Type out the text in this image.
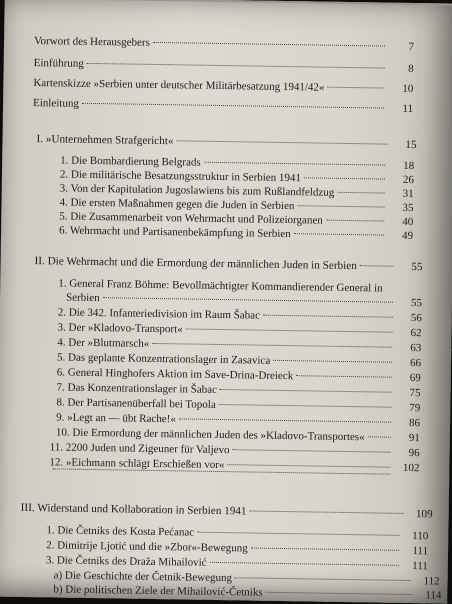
Vorwort des Herausgebers	7
Einführung	8
Kartenskizze »Serbien unter deutscher Militärbesatzung 1941/42«	10
Einleitung	11
I. »Unternehmen Strafgericht«	15
1. Die Bombardierung Belgrads	18
2. Die militärische Besatzungsstruktur in Serbien 1941	26
3. Von der Kapitulation Jugoslawiens bis zum Rußlandfeldzug	31
4. Die ersten Maßnahmen gegen die Juden in Serbien	35
5. Die Zusammenarbeit von Wehrmacht und Polizeiorganen	40
6. Wehrmacht und Partisanenbekämpfung in Serbien	49
II. Die Wehrmacht und die Ermordung der männlichen Juden in Serbien	55
1. General Franz Böhme: Bevollmächtigter Kommandierender General in
Serbien	55
2. Die 342. Infanteriedivision im Raum Šabac	56
3. Der »Kladovo-Transport«	62
4. Der »Blutmarsch«	63
5. Das geplante Konzentrationslager in Zasavica	66
6. General Hinghofers Aktion im Save-Drina-Dreieck	69
7. Das Konzentrationslager in Šabac	75
8. Der Partisanenüberfall bei Topola	79
9. »Legt an — übt Rache!«	86
10. Die Ermordung der männlichen Juden des »Kladovo-Transportes«	91
11. 2200 Juden und Zigeuner für Valjevo	96
12. »Eichmann schlägt Erschießen vor«	102
III. Widerstand und Kollaboration in Serbien 1941	109
1. Die Četniks des Kosta Pećanac	110
2. Dimitrije Ljotić und die »Zbor«-Bewegung	111
3. Die Četniks des Draža Mihailović	111
a) Die Geschichte der Četnik-Bewegung	112
b) Die politischen Ziele der Mihailović-Četniks	114
